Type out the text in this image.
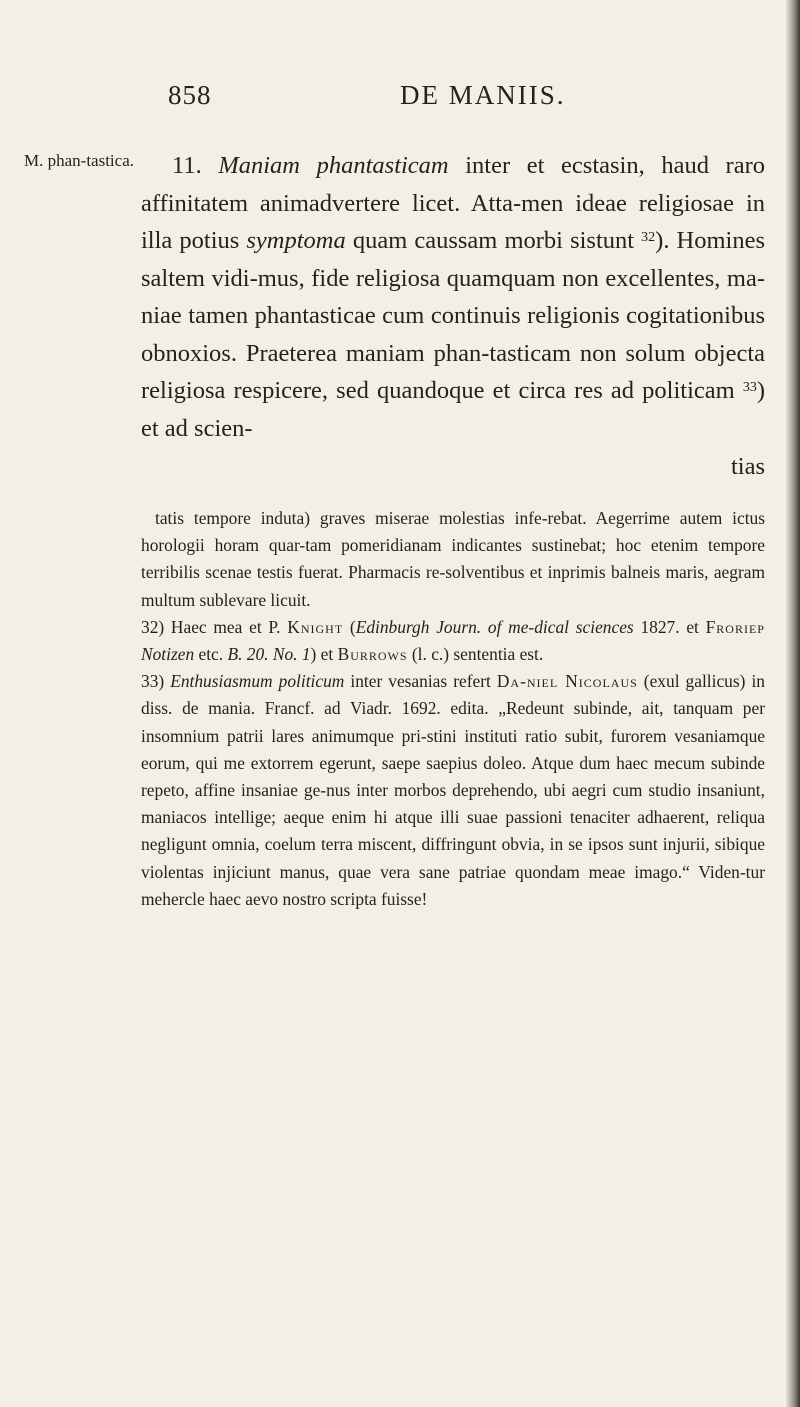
858	DE MANIIS.
M. phan-tastica.	11. Maniam phantasticam inter et ecstasin, haud raro affinitatem animadvertere licet. Atta-men ideae religiosae in illa potius symptoma quam caussam morbi sistunt $^{32}$). Homines saltem vidi-mus, fide religiosa quamquam non excellentes, ma-niae tamen phantasticae cum continuis religionis cogitationibus obnoxios. Praeterea maniam phan-tasticam non solum objecta religiosa respicere, sed quandoque et circa res ad politicam $^{33}$) et ad scien-

tias

tatis tempore induta) graves miserae molestias infe-rebat. Aegerrime autem ictus horologii horam quar-tam pomeridianam indicantes sustinebat; hoc etenim tempore terribilis scenae testis fuerat. Pharmacis re-solventibus et inprimis balneis maris, aegram multum sublevare licuit.

32) Haec mea et P. Knight (Edinburgh Journ. of me-dical sciences 1827. et Froriep Notizen etc. B. 20. No. 1) et Burrows (l. c.) sententia est.

33) Enthusiasmum politicum inter vesanias refert Da-niel Nicolaus (exul gallicus) in diss. de mania. Francf. ad Viadr. 1692. edita. „Redeunt subinde, ait, tanquam per insomnium patrii lares animumque pri-stini instituti ratio subit, furorem vesaniamque eorum, qui me extorrem egerunt, saepe saepius doleo. Atque dum haec mecum subinde repeto, affine insaniae ge-nus inter morbos deprehendo, ubi aegri cum studio insaniunt, maniacos intellige; aeque enim hi atque illi suae passioni tenaciter adhaerent, reliqua negligunt omnia, coelum terra miscent, diffringunt obvia, in se ipsos sunt injurii, sibique violentas injiciunt manus, quae vera sane patriae quondam meae imago.“ Viden-tur mehercle haec aevo nostro scripta fuisse!
